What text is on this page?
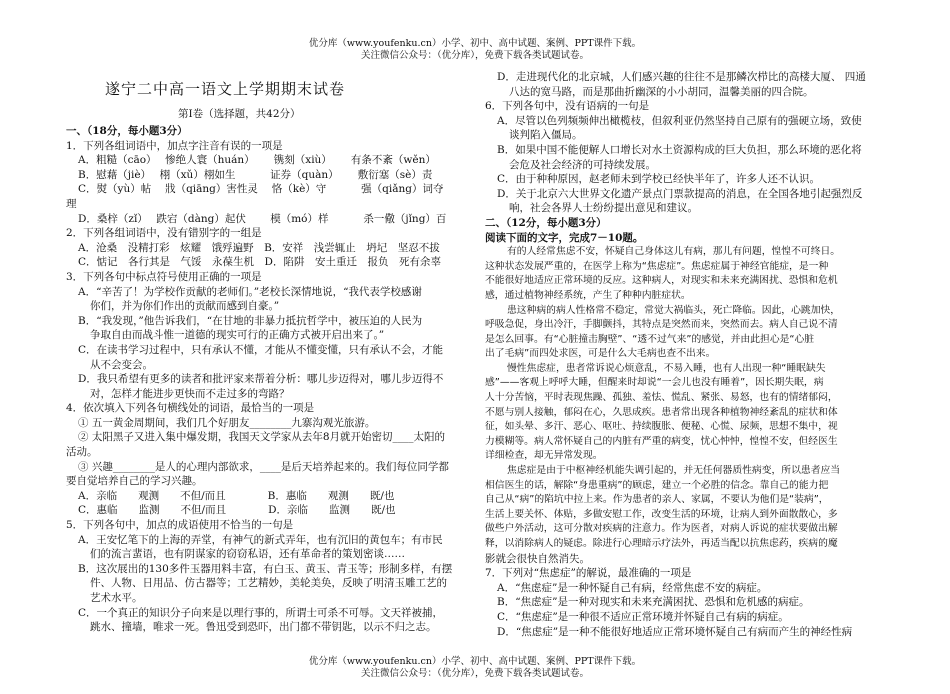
优分库（www.youfenku.cn）小学、初中、高中试题、案例、PPT课件下载。
关注微信公众号：（优分库），免费下载各类试题试卷。
遂宁二中高一语文上学期期末试卷
第Ⅰ卷（选择题，共42分）
一、（18分，每小题3分）
1．下列各组词语中，加点字注音有误的一项是
A．粗糙（cāo）　 惨绝人寰（huán）　 　镌刻（xiù）　　 有条不紊（wěn）
B．慰藉（jiè）　 栩（xǔ）栩如生　 　　证券（quàn）　　 敷衍塞（sè）责
C．熨（yù）帖　 戕（qiāng）害性灵　 恪（kè）守　　　 强（qiǎng）词夺
理
D．桑梓（zǐ）　 跌宕（dàng）起伏　 　模（mó）样　　　 杀一儆（jǐng）百
2．下列各组词语中，没有错别字的一组是
A．沧桑　没精打彩　炫耀　饿殍遍野　B．安祥　浅尝辄止　坍圮　坚忍不拔
C．惦记　各行其是　气馁　永葆生机　D．陷阱　安土重迁　报负　死有余辜
3．下列各句中标点符号使用正确的一项是
A．“辛苦了！为学校作贡献的老师们。”老校长深情地说，“我代表学校感谢
你们，并为你们作出的贡献而感到自豪。”
B．“我发现，”他告诉我们，“在甘地的非暴力抵抗哲学中，被压迫的人民为
争取自由而战斗惟一道德的现实可行的正确方式被开启出来了。”
C．在读书学习过程中，只有承认不懂，才能从不懂变懂，只有承认不会，才能
从不会变会。
D．我只希望有更多的读者和批评家来帮着分析：哪儿步迈得对，哪儿步迈得不
对，怎样才能进步更快而不走过多的弯路？
4．依次填入下列各句横线处的词语，最恰当的一项是
① 五一黄金周期间，我们几个好朋友________九寨沟观光旅游。
② 太阳黑子又进入集中爆发期，我国天文学家从去年8月就开始密切____太阳的
活动。
③ 兴趣________是人的心理内部欲求，____是后天培养起来的。我们每位同学都
要自觉培养自己的学习兴趣。
A．亲临　　观测　　不但/而且　　　　B．惠临　　观测　　既/也
C．惠临　　监测　　不但/而且　　　　D．亲临　　监测　　既/也
5．下列各句中，加点的成语使用不恰当的一句是
A．王安忆笔下的上海的弄堂，有神气的新式弄年，也有沉旧的黄包车；有市民
们的流言蜚语，也有阴谋家的窃窃私语，还有革命者的策划密谈……
B．这次展出的130多件玉器用料丰富，有白玉、黄玉、青玉等；形制多样，有摆
件、人物、日用品、仿古器等；工艺精妙，美轮美奂，反映了明清玉雕工艺的
艺术水平。
C．一个真正的知识分子向来是以理行事的，所谓士可杀不可辱。文天祥被捕，
跳水、撞墙，唯求一死。鲁迅受到恐吓，出门都不带钥匙，以示不归之志。
D．走进现代化的北京城，人们感兴趣的往往不是那鳞次栉比的高楼大厦、 四通
八达的宽马路，而是那曲折幽深的小小胡同，温馨美丽的四合院。
6．下列各句中，没有语病的一句是
A．尽管以色列频频伸出橄榄枝，但叙利亚仍然坚持自己原有的强硬立场，致使
谈判陷入僵局。
B．如果中国不能便解人口增长对水土资源构成的巨大负担，那么环境的恶化将
会危及社会经济的可持续发展。
C．由于种种原因，赵老师未到学校已经快半年了，许多人还不认识。
D．关于北京六大世界文化遗产景点门票款提高的消息，在全国各地引起强烈反
响，社会各界人士纷纷提出意见和建议。
二、（12分，每小题3分）
阅读下面的文字，完成7－10题。
有的人经常焦虑不安，怀疑自己身体这儿有病，那儿有问题，惶惶不可终日。
这种状态发展严重的，在医学上称为“焦虑症”。焦虑症属于神经官能症，是一种
不能很好地适应正常环境的反应。这种病人，对现实和未来充满困扰、恐惧和危机
感，通过植物神经系统，产生了种种内脏症状。
患这种病的病人性格常不稳定，常觉大祸临头，死亡降临。因此，心跳加快，
呼吸急促，身出冷汗，手脚颤抖，其特点是突然而来，突然而去。病人自己说不清
是怎么回事。有“心脏撞击胸壁”、“透不过气来”的感觉，并由此担心是“心脏
出了毛病”而四处求医，可是什么大毛病也查不出来。
慢性焦虑症，患者常诉说心烦意乱，不易入睡，也有人出现一种“睡眠缺失
感”——客观上呼呼大睡，但醒来时却说“一会儿也没有睡着”，因长期失眠，病
人十分苦恼，平时表现焦躁、孤独、羞怯、慌乱、紧张、易怒，也有的情绪郁闷，
不愿与别人接触，郁闷在心，久思成疾。患者常出现各种植物神经紊乱的症状和体
征，如头晕、多汗、恶心、呕吐、持续腹胀、便秘、心慌、尿频，思想不集中，视
力模糊等。病人常怀疑自己的内脏有严重的病变，忧心忡忡，惶惶不安，但经医生
详细检查，却无异常发现。
焦虑症是由于中枢神经机能失调引起的，并无任何器质性病变，所以患者应当
相信医生的话，解除“身患重病”的顾虑，建立一个必胜的信念。靠自己的能力把
自己从“病”的陷坑中拉上来。作为患者的亲人、家属，不要认为他们是“装病”，
生活上要关怀、体贴，多做安慰工作，改变生活的环境，让病人到外面散散心，多
做些户外活动，这可分散对疾病的注意力。作为医者，对病人诉说的症状要做出解
释，以消除病人的疑虑。除进行心理暗示疗法外，再适当配以抗焦虑药，疾病的魔
影就会很快自然消失。
7．下列对“焦虑症”的解说，最准确的一项是
A．“焦虑症”是一种怀疑自己有病，经常焦虑不安的病症。
B．“焦虑症”是一种对现实和未来充满困扰、恐惧和危机感的病症。
C．“焦虑症”是一种很不适应正常环境并怀疑自己有病的病症。
D．“焦虑症”是一种不能很好地适应正常环境怀疑自己有病而产生的神经性病
优分库（www.youfenku.cn）小学、初中、高中试题、案例、PPT课件下载。
关注微信公众号：（优分库），免费下载各类试题试卷。
